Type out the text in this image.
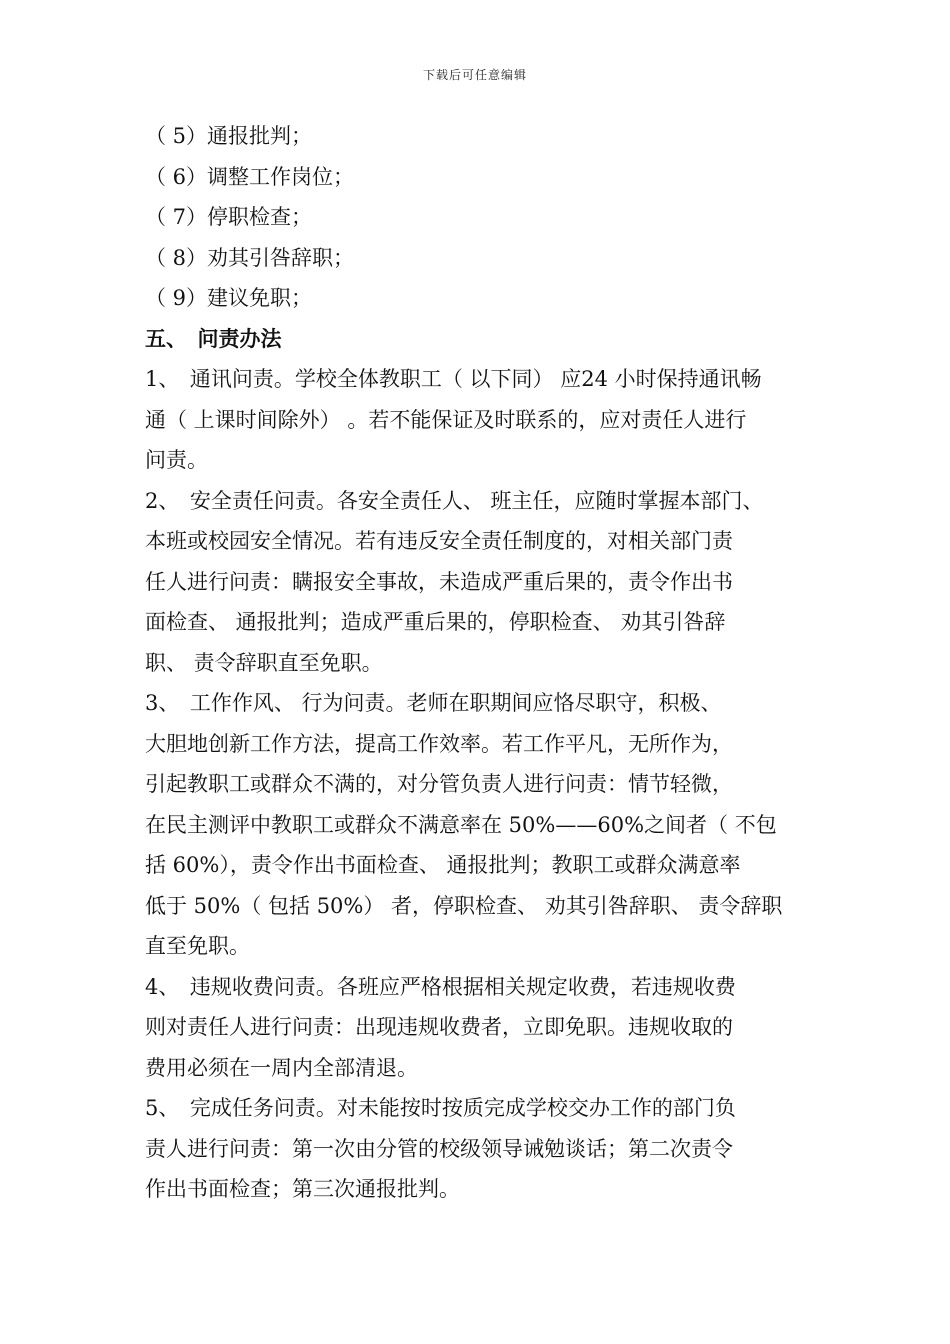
下载后可任意编辑
（ 5）通报批判；
（ 6）调整工作岗位；
（ 7）停职检查；
（ 8）劝其引咎辞职；
（ 9）建议免职；
五、　问责办法
1、　通讯问责。学校全体教职工（ 以下同） 应24 小时保持通讯畅
通（ 上课时间除外） 。若不能保证及时联系的，应对责任人进行
问责。
2、　安全责任问责。各安全责任人、 班主任，应随时掌握本部门、
本班或校园安全情况。若有违反安全责任制度的，对相关部门责
任人进行问责：瞒报安全事故，未造成严重后果的，责令作出书
面检查、 通报批判；造成严重后果的，停职检查、 劝其引咎辞
职、 责令辞职直至免职。
3、　工作作风、 行为问责。老师在职期间应恪尽职守，积极、
大胆地创新工作方法，提高工作效率。若工作平凡，无所作为，
引起教职工或群众不满的，对分管负责人进行问责：情节轻微，
在民主测评中教职工或群众不满意率在 50%——60%之间者（ 不包
括 60%），责令作出书面检查、 通报批判；教职工或群众满意率
低于 50%（ 包括 50%） 者，停职检查、 劝其引咎辞职、 责令辞职
直至免职。
4、　违规收费问责。各班应严格根据相关规定收费，若违规收费
则对责任人进行问责：出现违规收费者，立即免职。违规收取的
费用必须在一周内全部清退。
5、　完成任务问责。对未能按时按质完成学校交办工作的部门负
责人进行问责：第一次由分管的校级领导诫勉谈话；第二次责令
作出书面检查；第三次通报批判。
